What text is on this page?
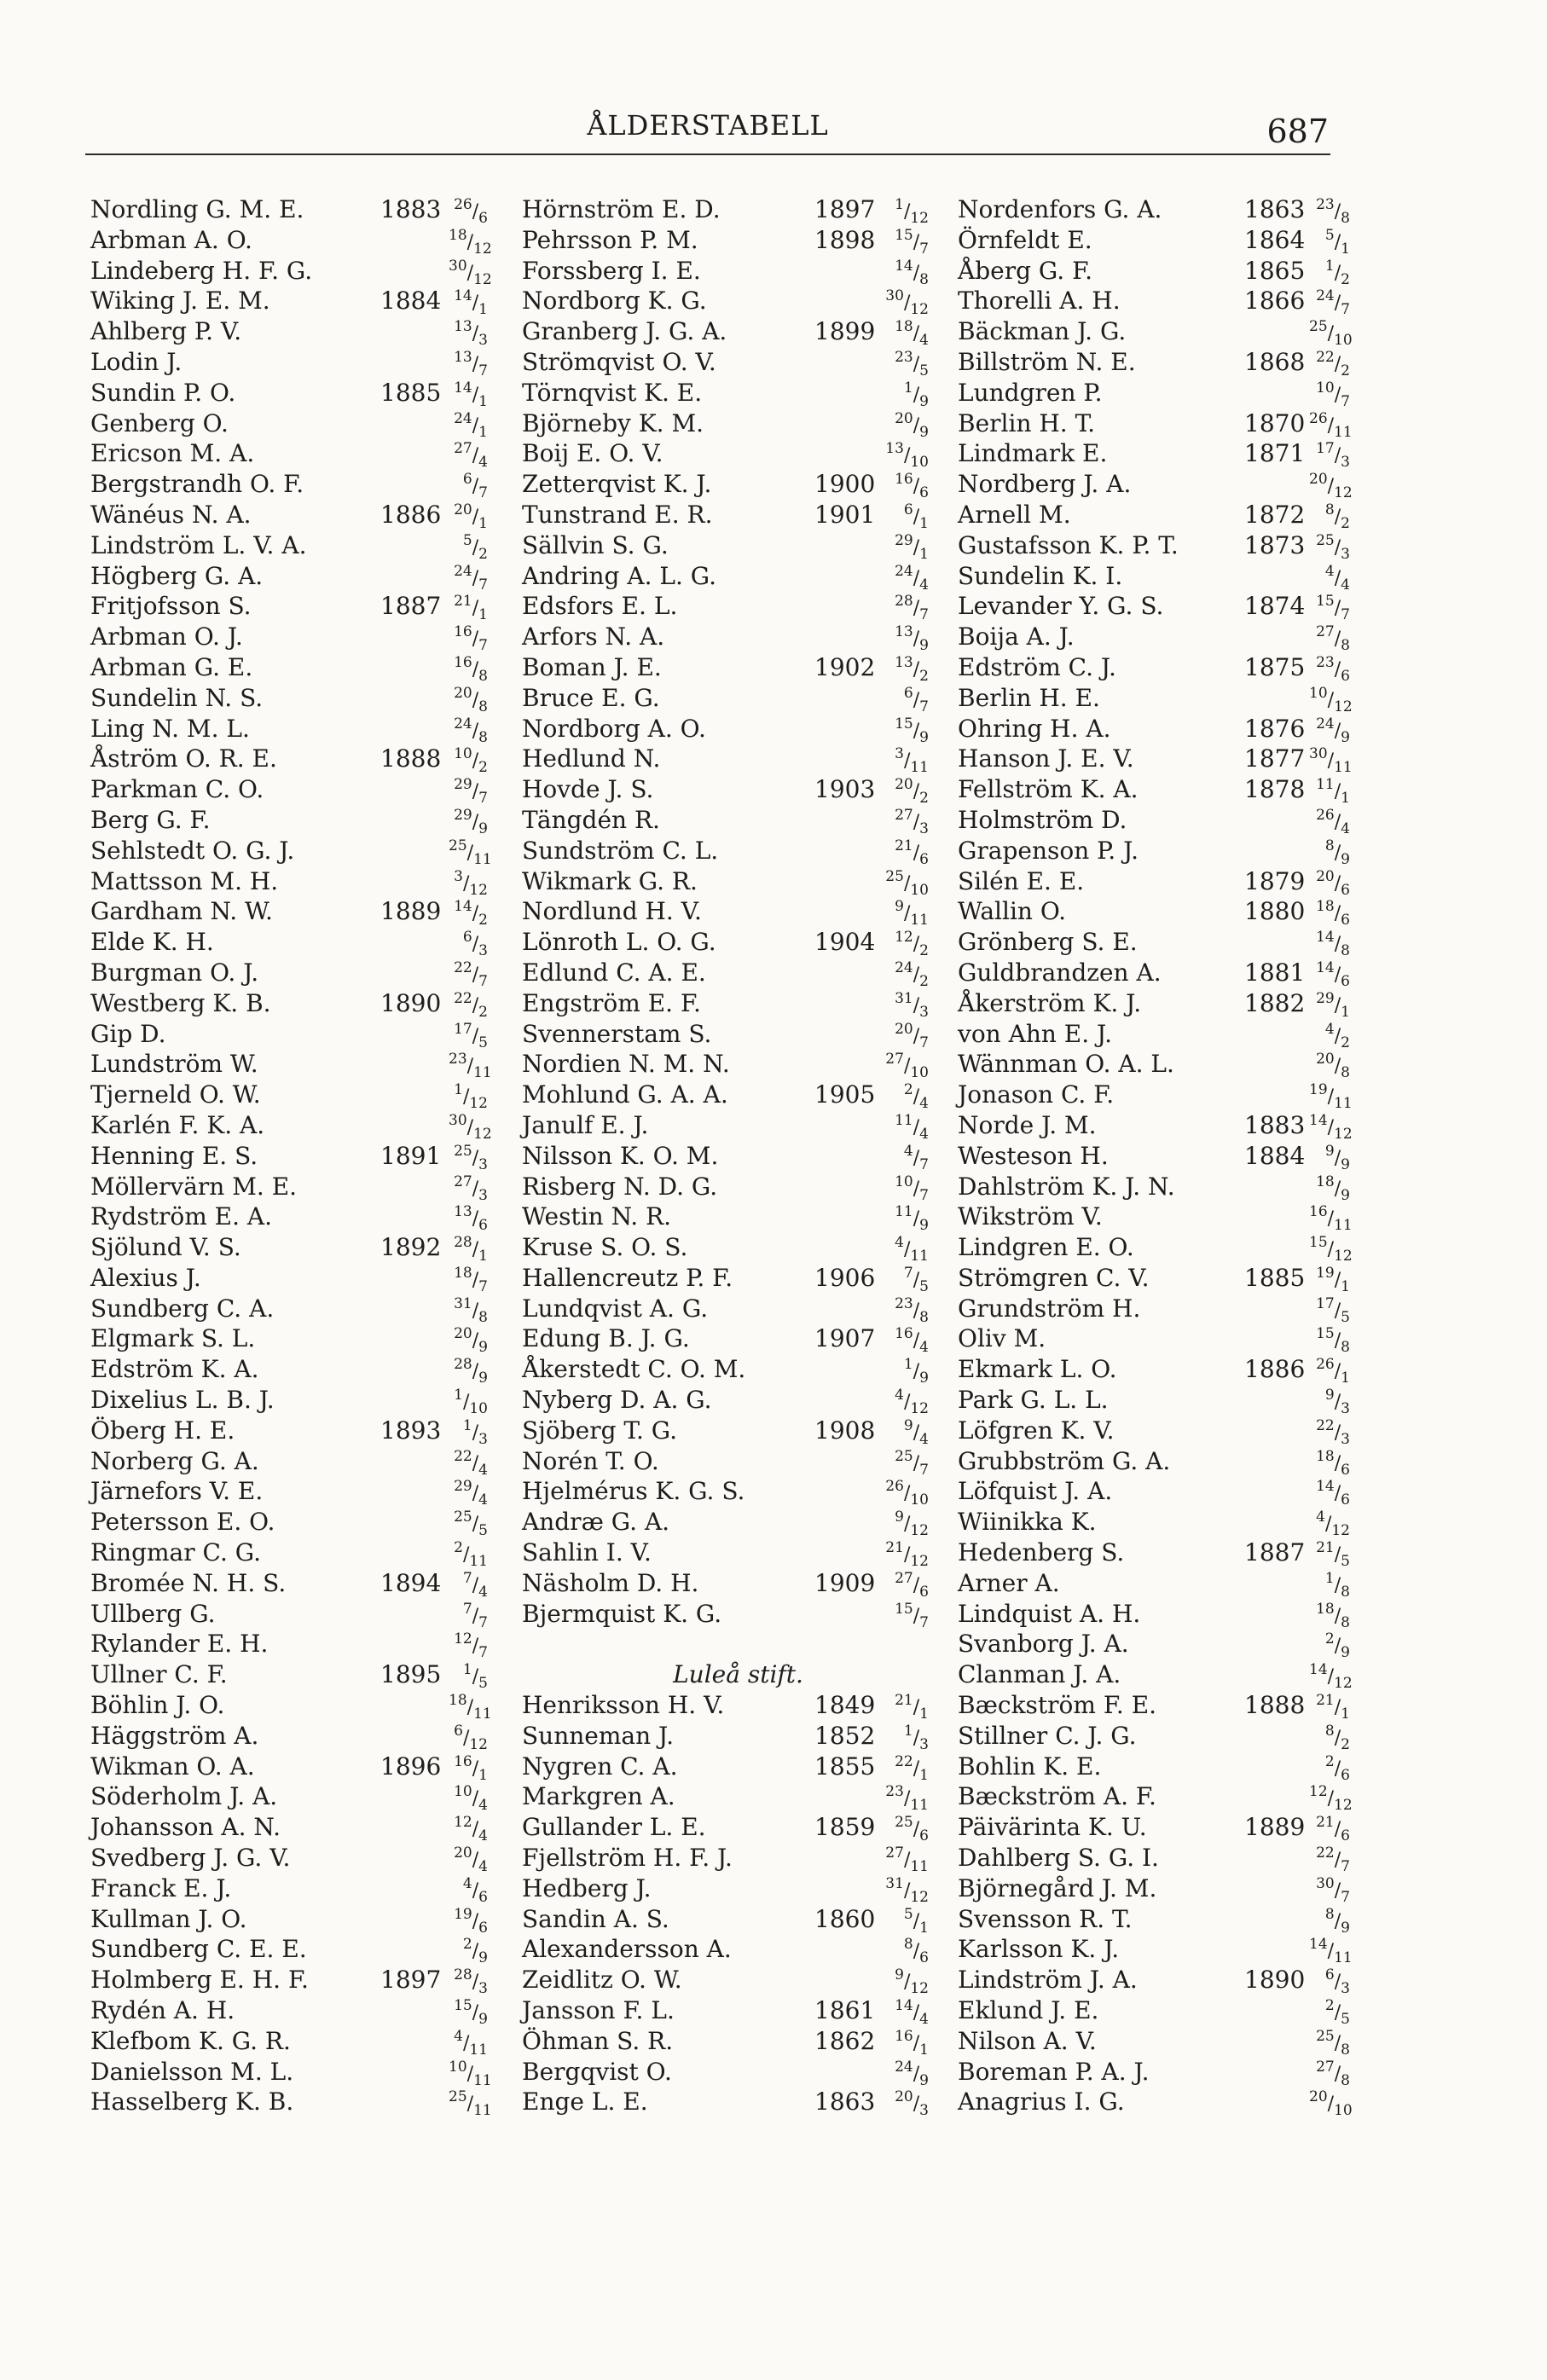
ÅLDERSTABELL	687
Nordling G. M. E.	1883 $^{26}/_6$
Arbman A. O.	$^{18}/_{12}$
Lindeberg H. F. G.	$^{30}/_{12}$
Wiking J. E. M.	1884 $^{14}/_1$
Ahlberg P. V.	$^{13}/_3$
Lodin J.	$^{13}/_7$
Sundin P. O.	1885 $^{14}/_1$
Genberg O.	$^{24}/_1$
Ericson M. A.	$^{27}/_4$
Bergstrandh O. F.	$^6/_7$
Wänéus N. A.	1886 $^{20}/_1$
Lindström L. V. A.	$^5/_2$
Högberg G. A.	$^{24}/_7$
Fritjofsson S.	1887 $^{21}/_1$
Arbman O. J.	$^{16}/_7$
Arbman G. E.	$^{16}/_8$
Sundelin N. S.	$^{20}/_8$
Ling N. M. L.	$^{24}/_8$
Åström O. R. E.	1888 $^{10}/_2$
Parkman C. O.	$^{29}/_7$
Berg G. F.	$^{29}/_9$
Sehlstedt O. G. J.	$^{25}/_{11}$
Mattsson M. H.	$^3/_{12}$
Gardham N. W.	1889 $^{14}/_2$
Elde K. H.	$^6/_3$
Burgman O. J.	$^{22}/_7$
Westberg K. B.	1890 $^{22}/_2$
Gip D.	$^{17}/_5$
Lundström W.	$^{23}/_{11}$
Tjerneld O. W.	$^1/_{12}$
Karlén F. K. A.	$^{30}/_{12}$
Henning E. S.	1891 $^{25}/_3$
Möllervärn M. E.	$^{27}/_3$
Rydström E. A.	$^{13}/_6$
Sjölund V. S.	1892 $^{28}/_1$
Alexius J.	$^{18}/_7$
Sundberg C. A.	$^{31}/_8$
Elgmark S. L.	$^{20}/_9$
Edström K. A.	$^{28}/_9$
Dixelius L. B. J.	$^1/_{10}$
Öberg H. E.	1893	$^1/_3$
Norberg G. A.	$^{22}/_4$
Järnefors V. E.	$^{29}/_4$
Petersson E. O.	$^{25}/_5$
Ringmar C. G.	$^2/_{11}$
Bromée N. H. S.	1894	$^7/_4$
Ullberg G.	$^7/_7$
Rylander E. H.	$^{12}/_7$
Ullner C. F.	1895	$^1/_5$
Böhlin J. O.	$^{18}/_{11}$
Häggström A.	$^6/_{12}$
Wikman O. A.	1896 $^{16}/_1$
Söderholm J. A.	$^{10}/_4$
Johansson A. N.	$^{12}/_4$
Svedberg J. G. V.	$^{20}/_4$
Franck E. J.	$^4/_6$
Kullman J. O.	$^{19}/_6$
Sundberg C. E. E.	$^2/_9$
Holmberg E. H. F.	1897 $^{28}/_3$
Rydén A. H.	$^{15}/_9$
Klefbom K. G. R.	$^4/_{11}$
Danielsson M. L.	$^{10}/_{11}$
Hasselberg K. B.	$^{25}/_{11}$
Hörnström E. D.	1897	$^1/_{12}$
Pehrsson P. M.	1898	$^{15}/_7$
Forssberg I. E.	$^{14}/_8$
Nordborg K. G.	$^{30}/_{12}$
Granberg J. G. A.	1899	$^{18}/_4$
Strömqvist O. V.	$^{23}/_5$
Törnqvist K. E.	$^1/_9$
Björneby K. M.	$^{20}/_9$
Boij E. O. V.	$^{13}/_{10}$
Zetterqvist K. J.	1900	$^{16}/_6$
Tunstrand E. R.	1901	$^6/_1$
Sällvin S. G.	$^{29}/_1$
Andring A. L. G.	$^{24}/_4$
Edsfors E. L.	$^{28}/_7$
Arfors N. A.	$^{13}/_9$
Boman J. E.	1902	$^{13}/_2$
Bruce E. G.	$^6/_7$
Nordborg A. O.	$^{15}/_9$
Hedlund N.	$^3/_{11}$
Hovde J. S.	1903	$^{20}/_2$
Tängdén R.	$^{27}/_3$
Sundström C. L.	$^{21}/_6$
Wikmark G. R.	$^{25}/_{10}$
Nordlund H. V.	$^9/_{11}$
Lönroth L. O. G.	1904	$^{12}/_2$
Edlund C. A. E.	$^{24}/_2$
Engström E. F.	$^{31}/_3$
Svennerstam S.	$^{20}/_7$
Nordien N. M. N.	$^{27}/_{10}$
Mohlund G. A. A.	1905	$^2/_4$
Janulf E. J.	$^{11}/_4$
Nilsson K. O. M.	$^4/_7$
Risberg N. D. G.	$^{10}/_7$
Westin N. R.	$^{11}/_9$
Kruse S. O. S.	$^4/_{11}$
Hallencreutz P. F.	1906	$^7/_5$
Lundqvist A. G.	$^{23}/_8$
Edung B. J. G.	1907	$^{16}/_4$
Åkerstedt C. O. M.	$^1/_9$
Nyberg D. A. G.	$^4/_{12}$
Sjöberg T. G.	1908	$^9/_4$
Norén T. O.	$^{25}/_7$
Hjelmérus K. G. S.	$^{26}/_{10}$
Andræ G. A.	$^9/_{12}$
Sahlin I. V.	$^{21}/_{12}$
Näsholm D. H.	1909	$^{27}/_6$
Bjermquist K. G.	$^{15}/_7$
Luleå stift.
Henriksson H. V.	1849	$^{21}/_1$
Sunneman J.	1852	$^1/_3$
Nygren C. A.	1855	$^{22}/_1$
Markgren A.	$^{23}/_{11}$
Gullander L. E.	1859	$^{25}/_6$
Fjellström H. F. J.	$^{27}/_{11}$
Hedberg J.	$^{31}/_{12}$
Sandin A. S.	1860	$^5/_1$
Alexandersson A.	$^8/_6$
Zeidlitz O. W.	$^9/_{12}$
Jansson F. L.	1861	$^{14}/_4$
Öhman S. R.	1862	$^{16}/_1$
Bergqvist O.	$^{24}/_9$
Enge L. E.	1863	$^{20}/_3$
Nordenfors G. A.	1863 $^{23}/_8$
Örnfeldt E.	1864	$^5/_1$
Åberg G. F.	1865	$^1/_2$
Thorelli A. H.	1866 $^{24}/_7$
Bäckman J. G.	$^{25}/_{10}$
Billström N. E.	1868 $^{22}/_2$
Lundgren P.	$^{10}/_7$
Berlin H. T.	1870 $^{26}/_{11}$
Lindmark E.	1871 $^{17}/_3$
Nordberg J. A.	$^{20}/_{12}$
Arnell M.	1872	$^8/_2$
Gustafsson K. P. T.	1873 $^{25}/_3$
Sundelin K. I.	$^4/_4$
Levander Y. G. S.	1874 $^{15}/_7$
Boija A. J.	$^{27}/_8$
Edström C. J.	1875 $^{23}/_6$
Berlin H. E.	$^{10}/_{12}$
Ohring H. A.	1876 $^{24}/_9$
Hanson J. E. V.	1877 $^{30}/_{11}$
Fellström K. A.	1878 $^{11}/_1$
Holmström D.	$^{26}/_4$
Grapenson P. J.	$^8/_9$
Silén E. E.	1879 $^{20}/_6$
Wallin O.	1880 $^{18}/_6$
Grönberg S. E.	$^{14}/_8$
Guldbrandzen A.	1881 $^{14}/_6$
Åkerström K. J.	1882 $^{29}/_1$
von Ahn E. J.	$^4/_2$
Wännman O. A. L.	$^{20}/_8$
Jonason C. F.	$^{19}/_{11}$
Norde J. M.	1883 $^{14}/_{12}$
Westeson H.	1884	$^9/_9$
Dahlström K. J. N.	$^{18}/_9$
Wikström V.	$^{16}/_{11}$
Lindgren E. O.	$^{15}/_{12}$
Strömgren C. V.	1885 $^{19}/_1$
Grundström H.	$^{17}/_5$
Oliv M.	$^{15}/_8$
Ekmark L. O.	1886 $^{26}/_1$
Park G. L. L.	$^9/_3$
Löfgren K. V.	$^{22}/_3$
Grubbström G. A.	$^{18}/_6$
Löfquist J. A.	$^{14}/_6$
Wiinikka K.	$^4/_{12}$
Hedenberg S.	1887 $^{21}/_5$
Arner A.	$^1/_8$
Lindquist A. H.	$^{18}/_8$
Svanborg J. A.	$^2/_9$
Clanman J. A.	$^{14}/_{12}$
Bæckström F. E.	1888 $^{21}/_1$
Stillner C. J. G.	$^8/_2$
Bohlin K. E.	$^2/_6$
Bæckström A. F.	$^{12}/_{12}$
Päivärinta K. U.	1889 $^{21}/_6$
Dahlberg S. G. I.	$^{22}/_7$
Björnegård J. M.	$^{30}/_7$
Svensson R. T.	$^8/_9$
Karlsson K. J.	$^{14}/_{11}$
Lindström J. A.	1890	$^6/_3$
Eklund J. E.	$^2/_5$
Nilson A. V.	$^{25}/_8$
Boreman P. A. J.	$^{27}/_8$
Anagrius I. G.	$^{20}/_{10}$
